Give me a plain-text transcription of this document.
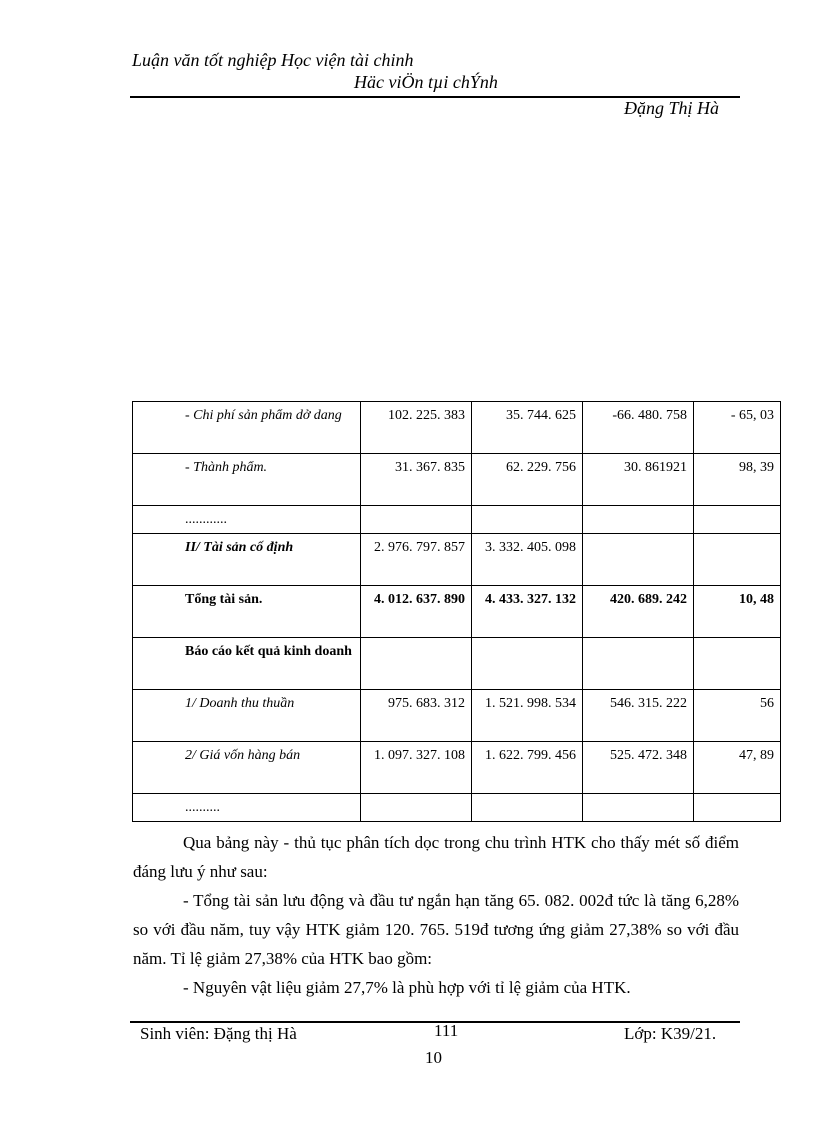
Luận văn tốt nghiệp Học viện tài chinh
Häc viÖn tµi chÝnh
Đặng Thị Hà
- Chi phí sản phẩm dở dang	102. 225. 383	35. 744. 625	-66. 480. 758	- 65, 03
- Thành phẩm.	31. 367. 835	62. 229. 756	30. 861921	98, 39
............				
II/ Tài sản cố định	2. 976. 797. 857	3. 332. 405. 098		
Tổng tài sản.	4. 012. 637. 890	4. 433. 327. 132	420. 689. 242	10, 48
Báo cáo kết quả kinh doanh				
1/ Doanh thu thuần	975. 683. 312	1. 521. 998. 534	546. 315. 222	56
2/ Giá vốn hàng bán	1. 097. 327. 108	1. 622. 799. 456	525. 472. 348	47, 89
..........				

Qua bảng này - thủ tục phân tích dọc trong chu trình HTK cho thấy mét số điểm đáng lưu ý như sau:

- Tổng tài sản lưu động và đầu tư ngắn hạn tăng 65. 082. 002đ tức là tăng 6,28% so với đầu năm, tuy vậy HTK giảm 120. 765. 519đ tương ứng giảm 27,38% so với đầu năm. Tỉ lệ giảm 27,38% của HTK bao gồm:

- Nguyên vật liệu giảm 27,7% là phù hợp với tỉ lệ giảm của HTK.

Sinh viên: Đặng thị Hà	111	Lớp: K39/21.
10
